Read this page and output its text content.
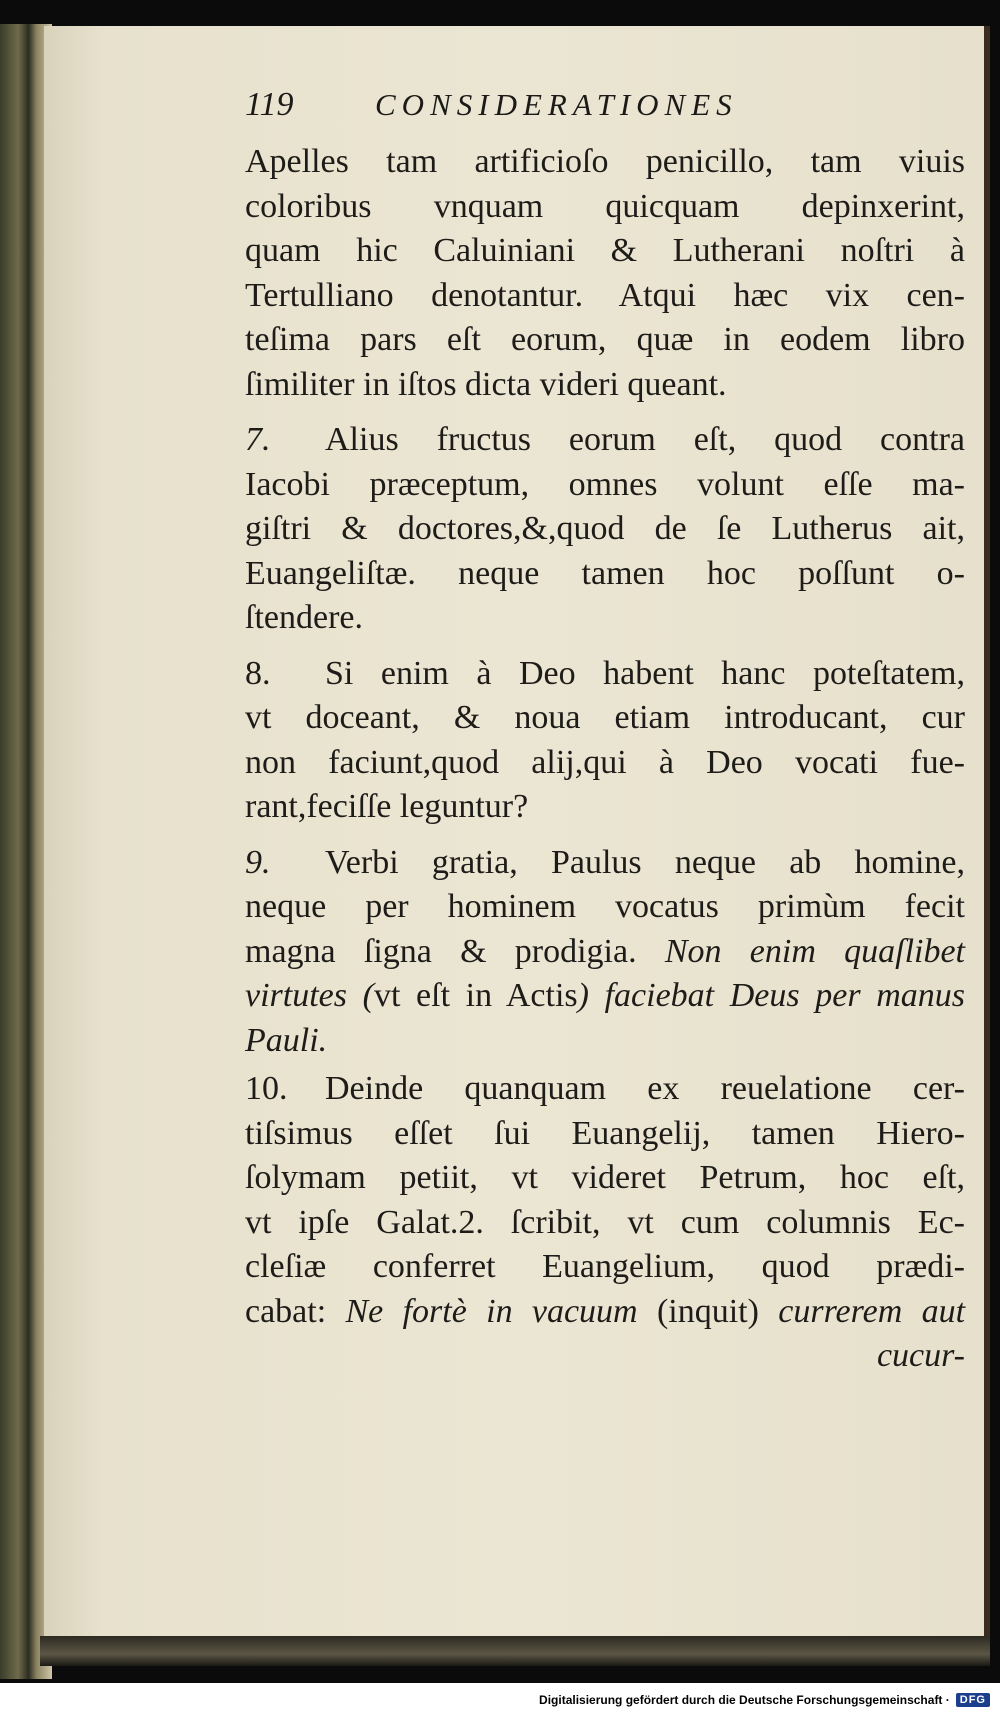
119	CONSIDERATIONES
Apelles tam artificioſo penicillo, tam viuis
coloribus vnquam quicquam depinxerint,
quam hic Caluiniani & Lutherani noſtri à
Tertulliano denotantur. Atqui hæc vix cen-
teſima pars eſt eorum, quæ in eodem libro
ſimiliter in iſtos dicta videri queant.
7. Alius fructus eorum eſt, quod contra
Iacobi præceptum, omnes volunt eſſe ma-
giſtri & doctores,&,quod de ſe Lutherus ait,
Euangeliſtæ. neque tamen hoc poſſunt o-
ſtendere.
8. Si enim à Deo habent hanc poteſtatem,
vt doceant, & noua etiam introducant, cur
non faciunt,quod alij,qui à Deo vocati fue-
rant,feciſſe leguntur?
9. Verbi gratia, Paulus neque ab homine,
neque per hominem vocatus primùm fecit
magna ſigna & prodigia. Non enim quaſlibet
virtutes (vt eſt in Actis) faciebat Deus per manus
Pauli.
10. Deinde quanquam ex reuelatione cer-
tiſsimus eſſet ſui Euangelij, tamen Hiero-
ſolymam petiit, vt videret Petrum, hoc eſt,
vt ipſe Galat.2. ſcribit, vt cum columnis Ec-
cleſiæ conferret Euangelium, quod prædi-
cabat: Ne fortè in vacuum (inquit) currerem aut
cucur-
Digitalisierung gefördert durch die Deutsche Forschungsgemeinschaft · DFG
